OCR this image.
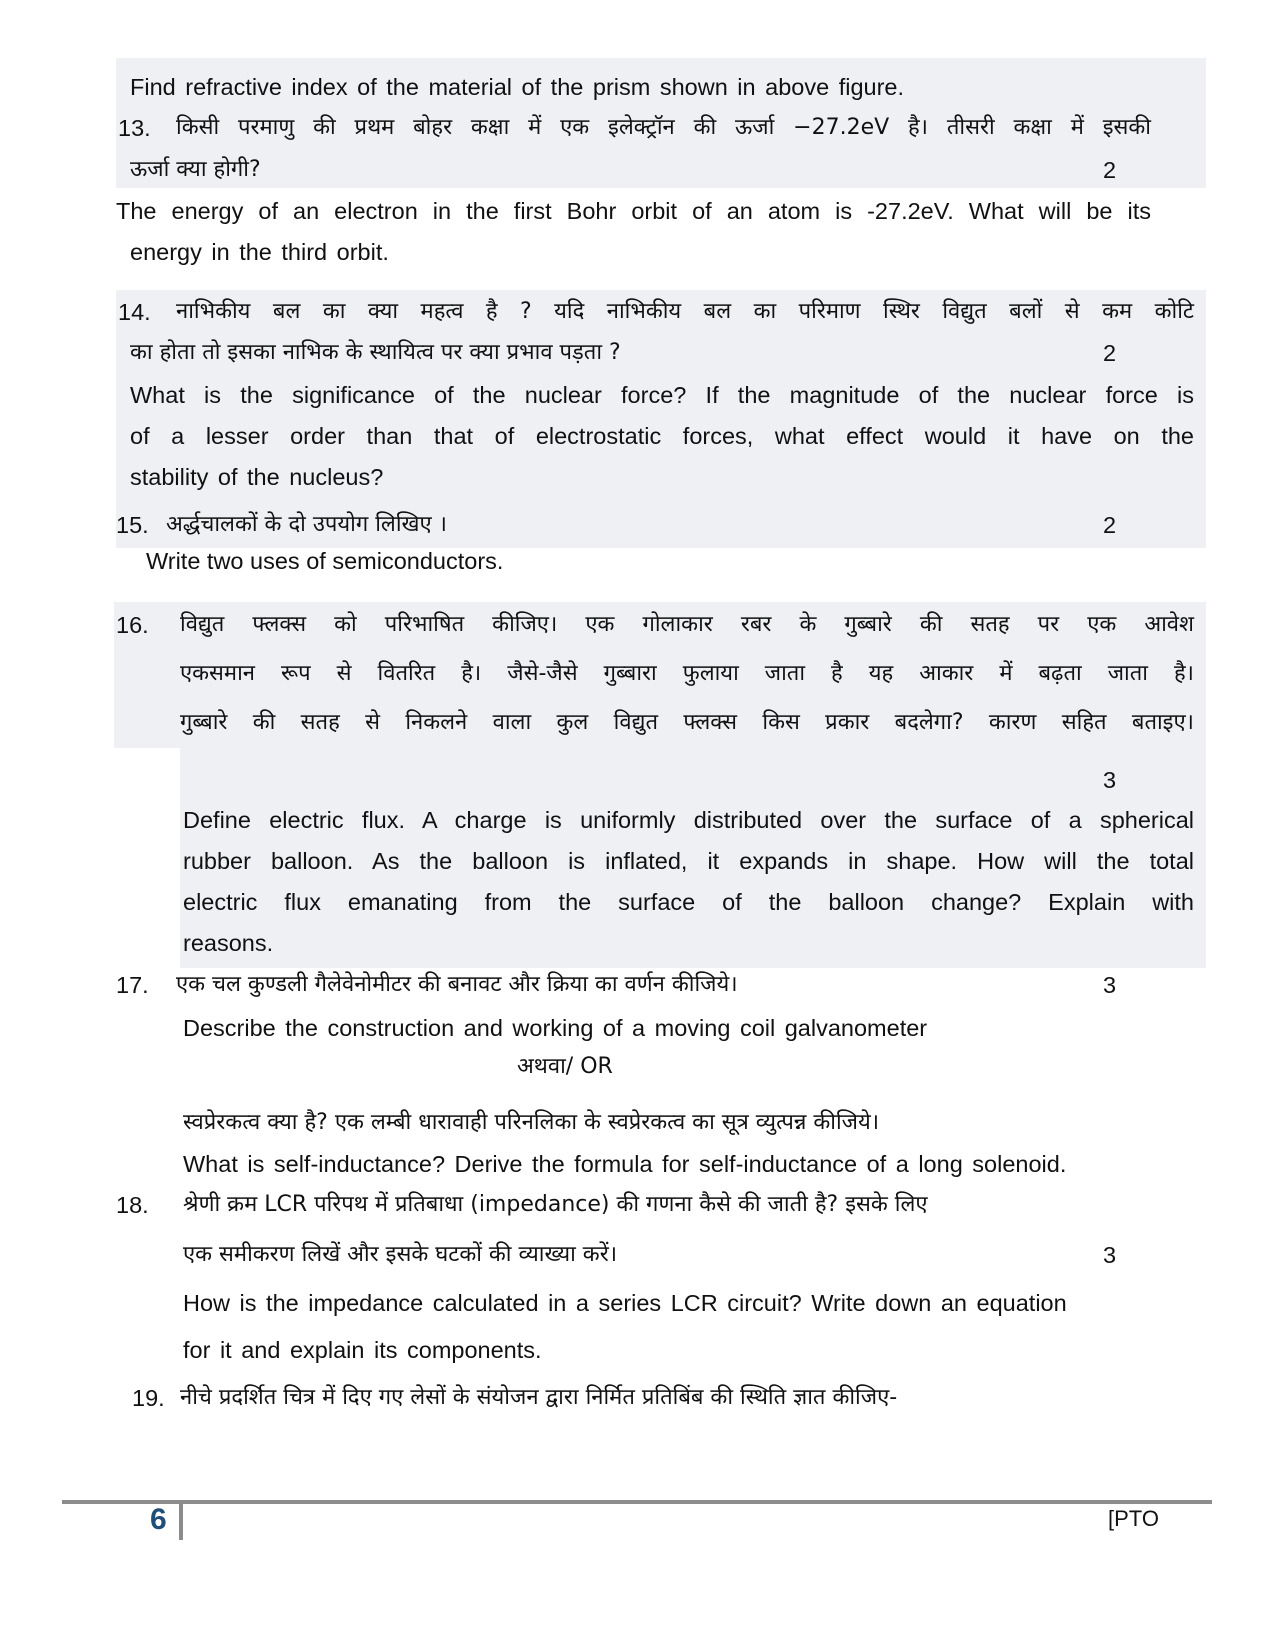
Find refractive index of the material of the prism shown in above figure.
13. किसी परमाणु की प्रथम बोहर कक्षा में एक इलेक्ट्रॉन की ऊर्जा −27.2eV है। तीसरी कक्षा में इसकी
ऊर्जा क्या होगी?	2
The energy of an electron in the first Bohr orbit of an atom is -27.2eV. What will be its
energy in the third orbit.
14. नाभिकीय बल का क्या महत्व है ? यदि नाभिकीय बल का परिमाण स्थिर विद्युत बलों से कम कोटि
का होता तो इसका नाभिक के स्थायित्व पर क्या प्रभाव पड़ता ?	2
What is the significance of the nuclear force? If the magnitude of the nuclear force is
of a lesser order than that of electrostatic forces, what effect would it have on the
stability of the nucleus?
15. अर्द्धचालकों के दो उपयोग लिखिए ।	2
Write two uses of semiconductors.
16. विद्युत फ्लक्स को परिभाषित कीजिए। एक गोलाकार रबर के गुब्बारे की सतह पर एक आवेश
एकसमान रूप से वितरित है। जैसे-जैसे गुब्बारा फुलाया जाता है यह आकार में बढ़ता जाता है।
गुब्बारे की सतह से निकलने वाला कुल विद्युत फ्लक्स किस प्रकार बदलेगा? कारण सहित बताइए।
3
Define electric flux. A charge is uniformly distributed over the surface of a spherical
rubber balloon. As the balloon is inflated, it expands in shape. How will the total
electric flux emanating from the surface of the balloon change? Explain with
reasons.
17. एक चल कुण्डली गैलेवेनोमीटर की बनावट और क्रिया का वर्णन कीजिये।	3
Describe the construction and working of a moving coil galvanometer
अथवा/ OR
स्वप्रेरकत्व क्या है? एक लम्बी धारावाही परिनलिका के स्वप्रेरकत्व का सूत्र व्युत्पन्न कीजिये।
What is self-inductance? Derive the formula for self-inductance of a long solenoid.
18. श्रेणी क्रम LCR परिपथ में प्रतिबाधा (impedance) की गणना कैसे की जाती है? इसके लिए
एक समीकरण लिखें और इसके घटकों की व्याख्या करें।	3
How is the impedance calculated in a series LCR circuit? Write down an equation
for it and explain its components.
19. नीचे प्रदर्शित चित्र में दिए गए लेसों के संयोजन द्वारा निर्मित प्रतिबिंब की स्थिति ज्ञात कीजिए-
6	[PTO
